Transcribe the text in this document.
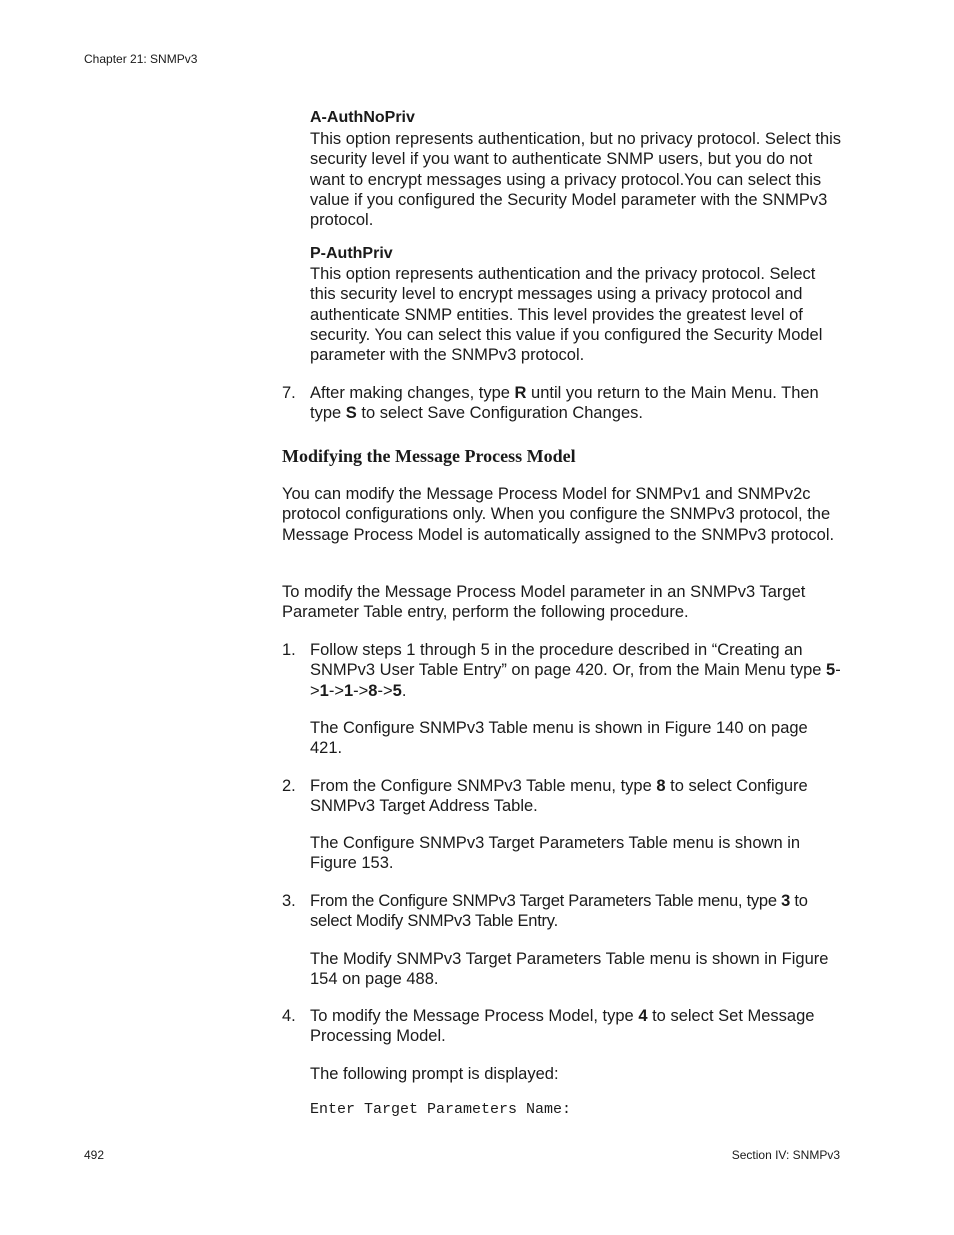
Chapter 21: SNMPv3
A-AuthNoPriv

This option represents authentication, but no privacy protocol. Select this security level if you want to authenticate SNMP users, but you do not want to encrypt messages using a privacy protocol.You can select this value if you configured the Security Model parameter with the SNMPv3 protocol.

P-AuthPriv

This option represents authentication and the privacy protocol. Select this security level to encrypt messages using a privacy protocol and authenticate SNMP entities. This level provides the greatest level of security. You can select this value if you configured the Security Model parameter with the SNMPv3 protocol.

7. After making changes, type R until you return to the Main Menu. Then type S to select Save Configuration Changes.

Modifying the Message Process Model

You can modify the Message Process Model for SNMPv1 and SNMPv2c protocol configurations only. When you configure the SNMPv3 protocol, the Message Process Model is automatically assigned to the SNMPv3 protocol.

To modify the Message Process Model parameter in an SNMPv3 Target Parameter Table entry, perform the following procedure.

1. Follow steps 1 through 5 in the procedure described in “Creating an SNMPv3 User Table Entry” on page 420. Or, from the Main Menu type 5->1->1->8->5.

The Configure SNMPv3 Table menu is shown in Figure 140 on page 421.

2. From the Configure SNMPv3 Table menu, type 8 to select Configure SNMPv3 Target Address Table.

The Configure SNMPv3 Target Parameters Table menu is shown in Figure 153.

3. From the Configure SNMPv3 Target Parameters Table menu, type 3 to select Modify SNMPv3 Table Entry.

The Modify SNMPv3 Target Parameters Table menu is shown in Figure 154 on page 488.

4. To modify the Message Process Model, type 4 to select Set Message Processing Model.

The following prompt is displayed:

Enter Target Parameters Name:
492	Section IV: SNMPv3
